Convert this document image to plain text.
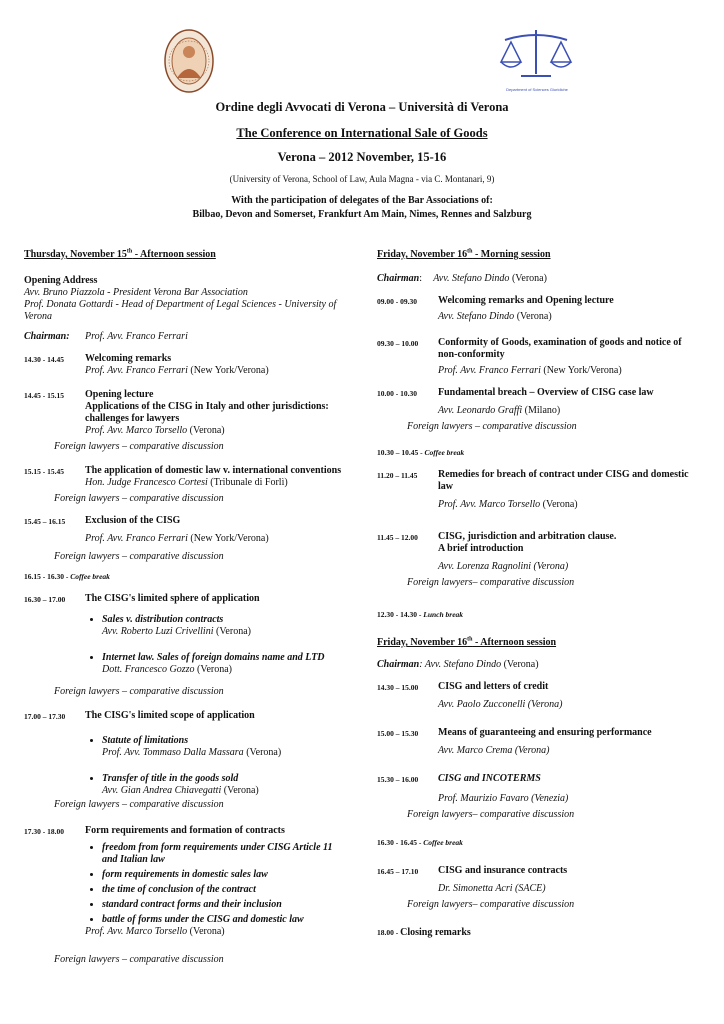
Department of Sciences Giuridiche
Ordine degli Avvocati di Verona – Università di Verona
The Conference on International Sale of Goods
Verona – 2012 November, 15-16
(University of Verona, School of Law, Aula Magna - via C. Montanari, 9)
With the participation of delegates of the Bar Associations of:
Bilbao, Devon and Somerset, Frankfurt Am Main, Nimes, Rennes and Salzburg
Thursday, November 15th - Afternoon session
Opening Address
Avv. Bruno Piazzola - President Verona Bar Association
Prof. Donata Gottardi - Head of Department of Legal Sciences - University of Verona
Chairman: Prof. Avv. Franco Ferrari
14.30 - 14.45	Welcoming remarks
Prof. Avv. Franco Ferrari (New York/Verona)
14.45 - 15.15	Opening lecture
Applications of the CISG in Italy and other jurisdictions: challenges for lawyers
Prof. Avv. Marco Torsello (Verona)
Foreign lawyers – comparative discussion
15.15 - 15.45	The application of domestic law v. international conventions
Hon. Judge Francesco Cortesi (Tribunale di Forlì)
Foreign lawyers – comparative discussion
15.45 – 16.15	Exclusion of the CISG
Prof. Avv. Franco Ferrari (New York/Verona)
Foreign lawyers – comparative discussion
16.15 - 16.30 - Coffee break
16.30 – 17.00	The CISG's limited sphere of application
• Sales v. distribution contracts
Avv. Roberto Luzi Crivellini (Verona)
• Internet law. Sales of foreign domains name and LTD
Dott. Francesco Gozzo (Verona)
Foreign lawyers – comparative discussion
17.00 – 17.30	The CISG's limited scope of application
• Statute of limitations
Prof. Avv. Tommaso Dalla Massara (Verona)
• Transfer of title in the goods sold
Avv. Gian Andrea Chiavegatti (Verona)
Foreign lawyers – comparative discussion
17.30 - 18.00	Form requirements and formation of contracts
• freedom from form requirements under CISG Article 11 and Italian law
• form requirements in domestic sales law
• the time of conclusion of the contract
• standard contract forms and their inclusion
• battle of forms under the CISG and domestic law
Prof. Avv. Marco Torsello (Verona)
Foreign lawyers – comparative discussion
Friday, November 16th - Morning session
Chairman: Avv. Stefano Dindo (Verona)
09.00 - 09.30	Welcoming remarks and Opening lecture
Avv. Stefano Dindo (Verona)
09.30 – 10.00	Conformity of Goods, examination of goods and notice of non-conformity
Prof. Avv. Franco Ferrari (New York/Verona)
10.00 - 10.30	Fundamental breach – Overview of CISG case law
Avv. Leonardo Graffi (Milano)
Foreign lawyers – comparative discussion
10.30 – 10.45 - Coffee break
11.20 – 11.45	Remedies for breach of contract under CISG and domestic law
Prof. Avv. Marco Torsello (Verona)
11.45 – 12.00	CISG, jurisdiction and arbitration clause.
A brief introduction
Avv. Lorenza Ragnolini (Verona)
Foreign lawyers– comparative discussion
12.30 - 14.30 - Lunch break
Friday, November 16th - Afternoon session
Chairman: Avv. Stefano Dindo (Verona)
14.30 – 15.00	CISG and letters of credit
Avv. Paolo Zucconelli (Verona)
15.00 – 15.30	Means of guaranteeing and ensuring performance
Avv. Marco Crema (Verona)
15.30 – 16.00	CISG and INCOTERMS
Prof. Maurizio Favaro (Venezia)
Foreign lawyers– comparative discussion
16.30 - 16.45 - Coffee break
16.45 – 17.10	CISG and insurance contracts
Dr. Simonetta Acri (SACE)
Foreign lawyers– comparative discussion
18.00 - Closing remarks
